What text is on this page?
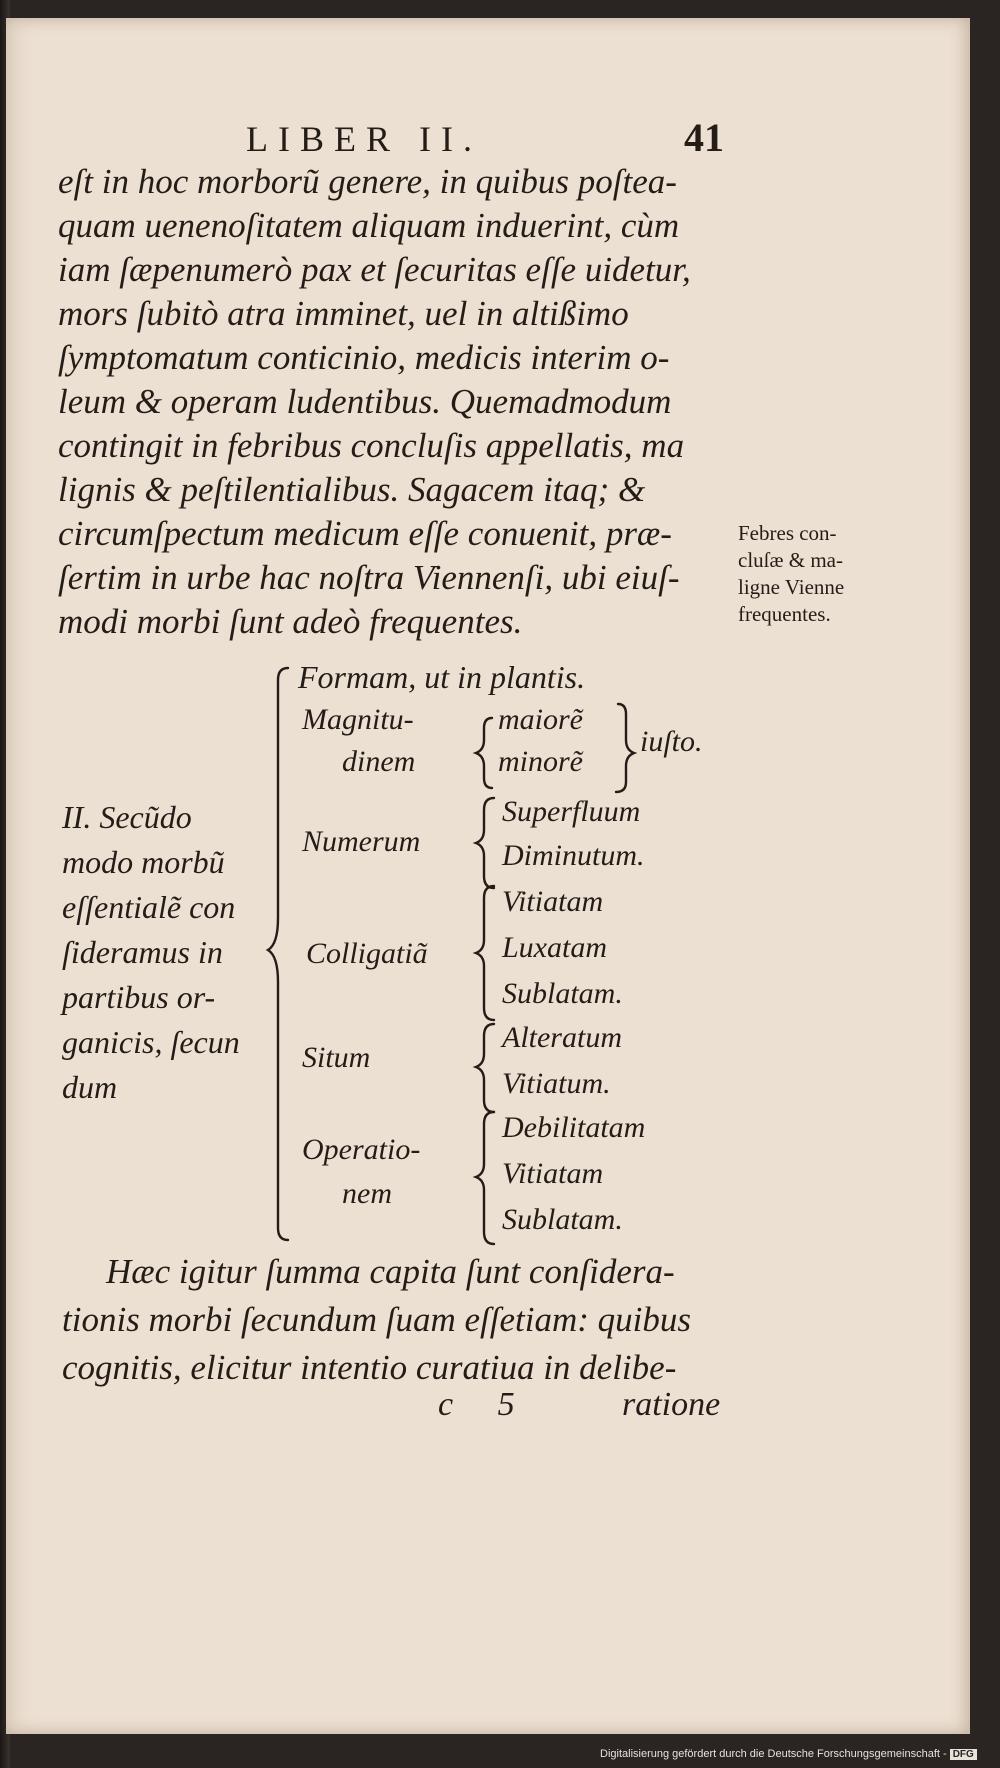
LIBER II.	41
eſt in hoc morborũ genere, in quibus poſtea-
quam uenenoſitatem aliquam induerint, cùm
iam ſæpenumerò pax et ſecuritas eſſe uidetur,
mors ſubitò atra imminet, uel in altißimo
ſymptomatum conticinio, medicis interim o-
leum & operam ludentibus. Quemadmodum
contingit in febribus concluſis appellatis, ma
lignis & peſtilentialibus. Sagacem itaq; &
circumſpectum medicum eſſe conuenit, præ-
ſertim in urbe hac noſtra Viennenſi, ubi eiuſ-
modi morbi ſunt adeò frequentes.
Febres con-
cluſæ & ma-
ligne Vienne
frequentes.
II. Secũdo
modo morbũ
eſſentialẽ con
ſideramus in
partibus or-
ganicis, ſecun
dum
Formam, ut in plantis.
Magnitu-
dinem
maiorẽ
minorẽ
iuſto.
Numerum
Superfluum
Diminutum.
Colligatiã
Vitiatam
Luxatam
Sublatam.
Situm
Alteratum
Vitiatum.
Operatio-
nem
Debilitatam
Vitiatam
Sublatam.
Hæc igitur ſumma capita ſunt conſidera-
tionis morbi ſecundum ſuam eſſetiam: quibus
cognitis, elicitur intentio curatiua in delibe-
c 5	ratione
Digitalisierung gefördert durch die Deutsche Forschungsgemeinschaft - DFG
